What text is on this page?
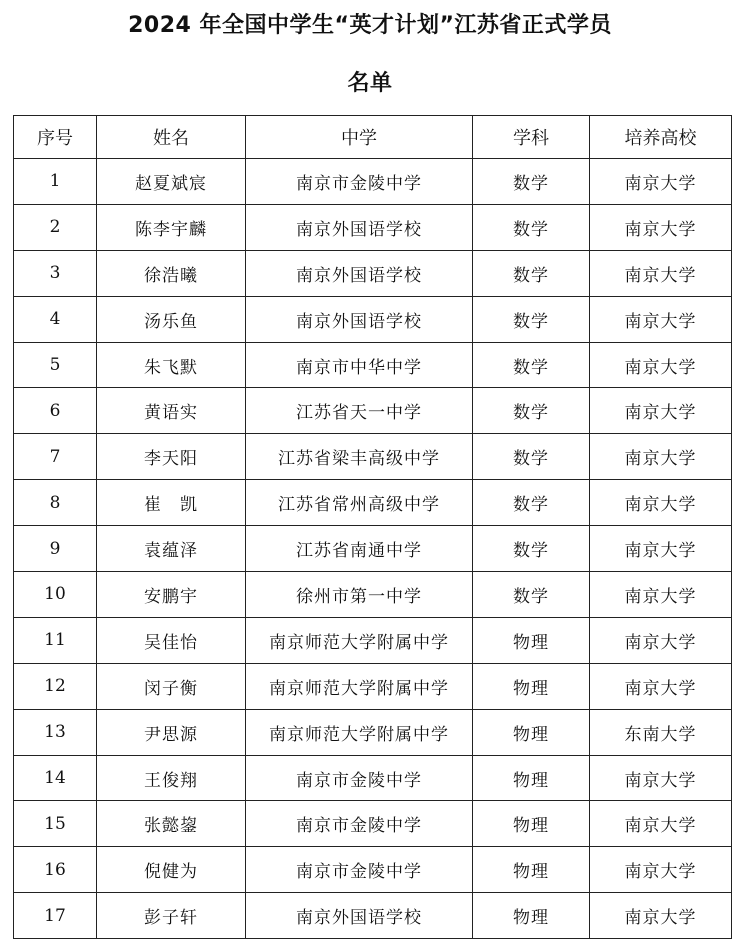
2024 年全国中学生“英才计划”江苏省正式学员
名单
序号	姓名	中学	学科	培养高校
1	赵夏斌宸	南京市金陵中学	数学	南京大学
2	陈李宇麟	南京外国语学校	数学	南京大学
3	徐浩曦	南京外国语学校	数学	南京大学
4	汤乐鱼	南京外国语学校	数学	南京大学
5	朱飞默	南京市中华中学	数学	南京大学
6	黄语实	江苏省天一中学	数学	南京大学
7	李天阳	江苏省梁丰高级中学	数学	南京大学
8	崔　凯	江苏省常州高级中学	数学	南京大学
9	袁蕴泽	江苏省南通中学	数学	南京大学
10	安鹏宇	徐州市第一中学	数学	南京大学
11	吴佳怡	南京师范大学附属中学	物理	南京大学
12	闵子衡	南京师范大学附属中学	物理	南京大学
13	尹思源	南京师范大学附属中学	物理	东南大学
14	王俊翔	南京市金陵中学	物理	南京大学
15	张懿鋆	南京市金陵中学	物理	南京大学
16	倪健为	南京市金陵中学	物理	南京大学
17	彭子轩	南京外国语学校	物理	南京大学
